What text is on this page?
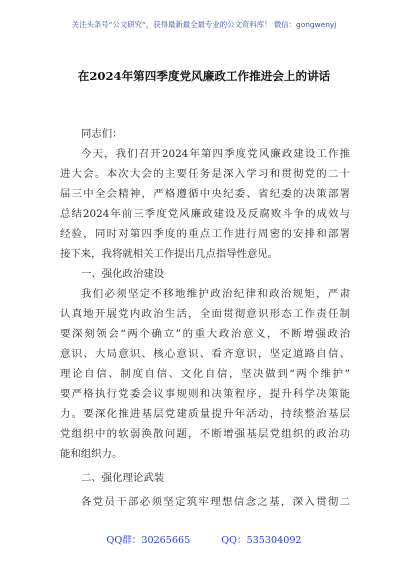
关注头条号“公文研究”，获得最新最全最专业的公文资料库！ 微信：gongwenyj
在2024年第四季度党风廉政工作推进会上的讲话
同志们：
今天，我们召开2024年第四季度党风廉政建设工作推
进大会。本次大会的主要任务是深入学习和贯彻党的二十
届三中全会精神，严格遵循中央纪委、省纪委的决策部署
总结2024年前三季度党风廉政建设及反腐败斗争的成效与
经验，同时对第四季度的重点工作进行周密的安排和部署
接下来，我将就相关工作提出几点指导性意见。
一、强化政治建设
我们必须坚定不移地维护政治纪律和政治规矩，严肃
认真地开展党内政治生活，全面贯彻意识形态工作责任制
要深刻领会“两个确立”的重大政治意义，不断增强政治
意识、大局意识、核心意识、看齐意识，坚定道路自信、
理论自信、制度自信、文化自信，坚决做到“两个维护”
要严格执行党委会议事规则和决策程序，提升科学决策能
力。要深化推进基层党建质量提升年活动，持续整治基层
党组织中的软弱涣散问题，不断增强基层党组织的政治功
能和组织力。
二、强化理论武装
各党员干部必须坚定筑牢理想信念之基，深入贯彻二
QQ群：30265665	QQ：535304092
